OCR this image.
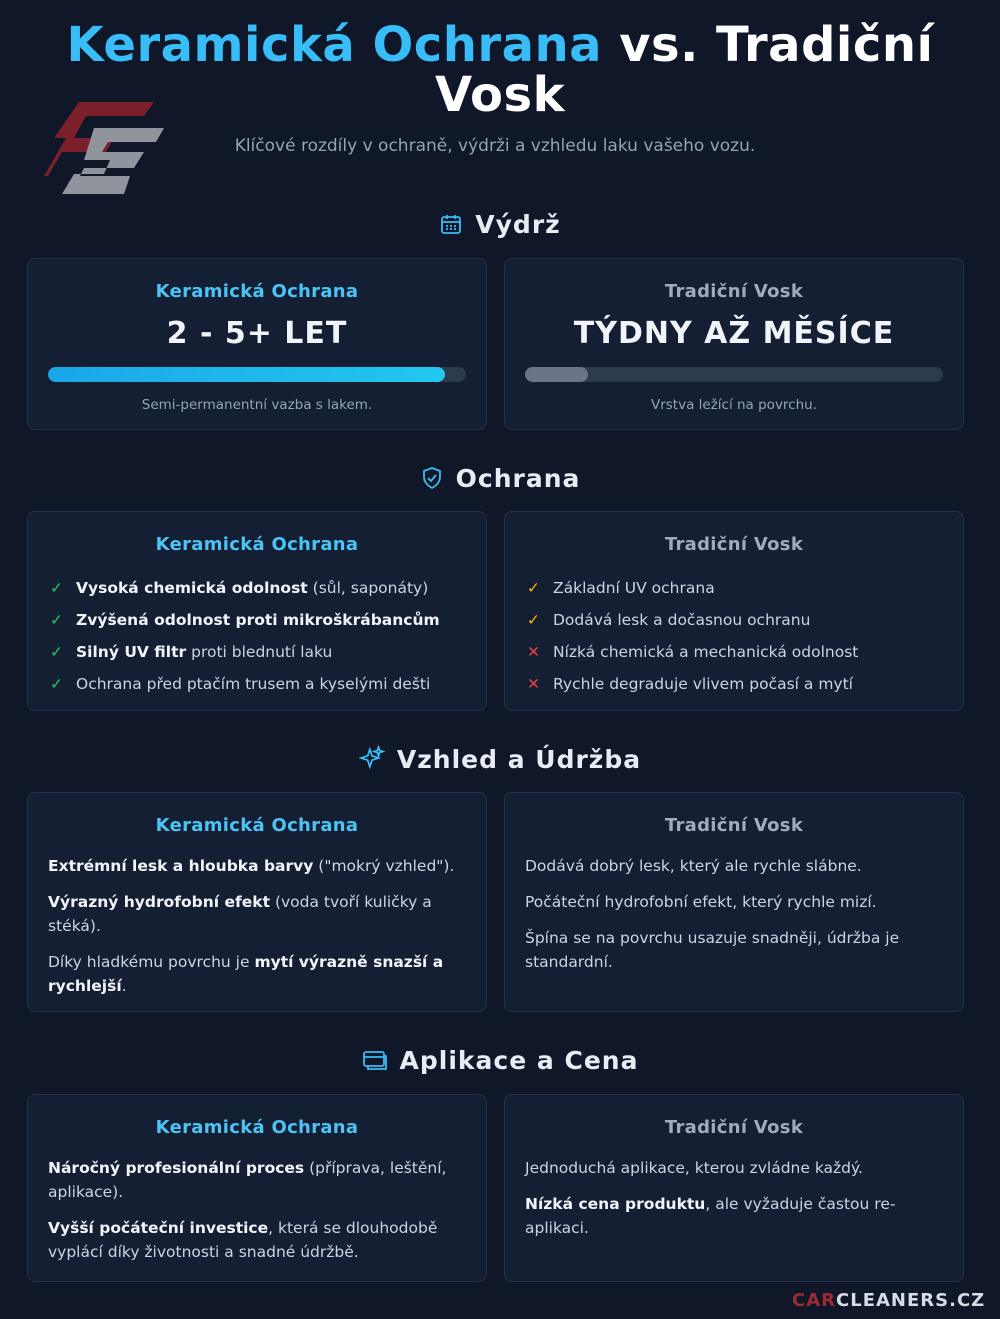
Keramická Ochrana vs. Tradiční Vosk
Klíčové rozdíly v ochraně, výdrži a vzhledu laku vašeho vozu.
Výdrž
Keramická Ochrana
2 - 5+ LET
Semi-permanentní vazba s lakem.
Tradiční Vosk
TÝDNY AŽ MĚSÍCE
Vrstva ležící na povrchu.
Ochrana
Keramická Ochrana
✓ Vysoká chemická odolnost (sůl, saponáty)
✓ Zvýšená odolnost proti mikroškrábancům
✓ Silný UV filtr proti blednutí laku
✓ Ochrana před ptačím trusem a kyselými dešti
Tradiční Vosk
✓ Základní UV ochrana
✓ Dodává lesk a dočasnou ochranu
✕ Nízká chemická a mechanická odolnost
✕ Rychle degraduje vlivem počasí a mytí
Vzhled a Údržba
Keramická Ochrana

Extrémní lesk a hloubka barvy ("mokrý vzhled").

Výrazný hydrofobní efekt (voda tvoří kuličky a stéká).

Díky hladkému povrchu je mytí výrazně snazší a rychlejší.

Tradiční Vosk

Dodává dobrý lesk, který ale rychle slábne.

Počáteční hydrofobní efekt, který rychle mizí.

Špína se na povrchu usazuje snadněji, údržba je standardní.

Aplikace a Cena
Keramická Ochrana

Náročný profesionální proces (příprava, leštění, aplikace).

Vyšší počáteční investice, která se dlouhodobě vyplácí díky životnosti a snadné údržbě.

Tradiční Vosk

Jednoduchá aplikace, kterou zvládne každý.

Nízká cena produktu, ale vyžaduje častou re-aplikaci.

CARCLEANERS.CZ
